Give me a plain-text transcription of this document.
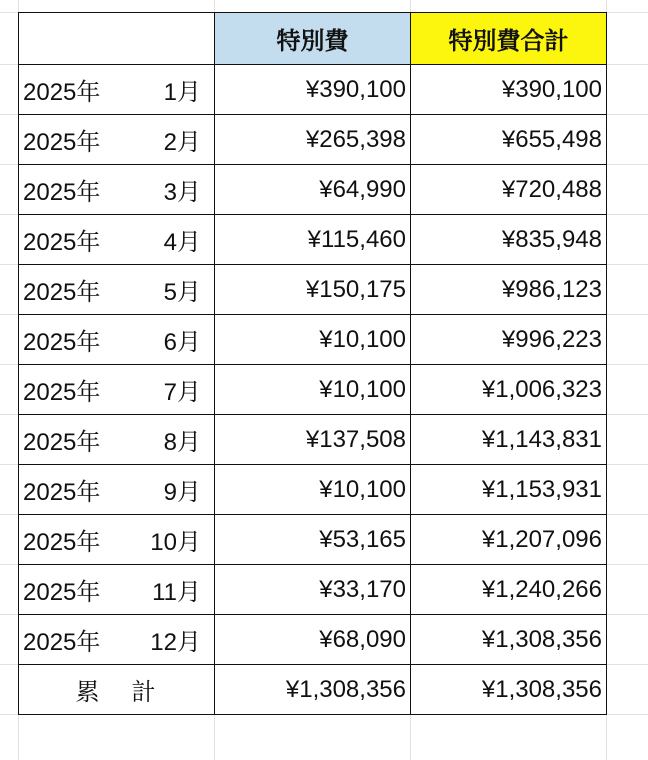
	特別費	特別費合計

2025年 1月	¥390,100	¥390,100

2025年 2月	¥265,398	¥655,498

2025年 3月	¥64,990	¥720,488

2025年 4月	¥115,460	¥835,948

2025年 5月	¥150,175	¥986,123

2025年 6月	¥10,100	¥996,223

2025年 7月	¥10,100	¥1,006,323

2025年 8月	¥137,508	¥1,143,831

2025年 9月	¥10,100	¥1,153,931

2025年 10月	¥53,165	¥1,207,096

2025年 11月	¥33,170	¥1,240,266

2025年 12月	¥68,090	¥1,308,356
累 計	¥1,308,356	¥1,308,356
